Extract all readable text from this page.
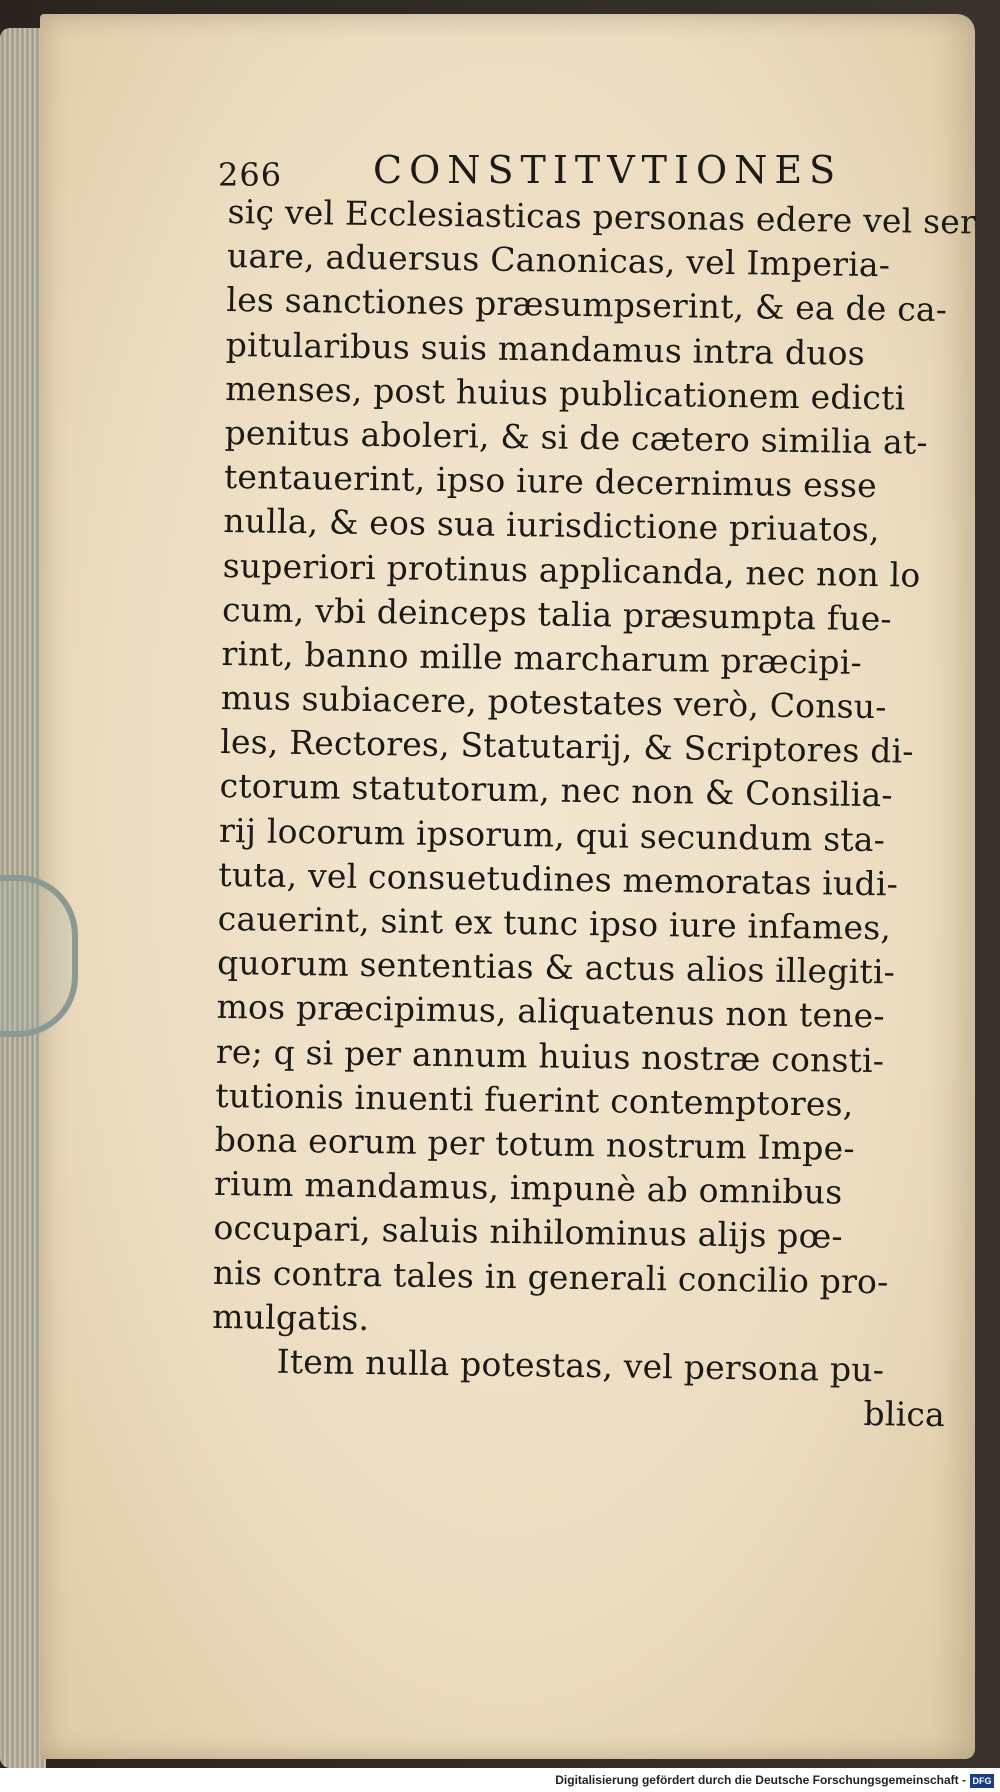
266 CONSTITVTIONES
siç vel Ecclesiasticas personas edere vel ser
uare, aduersus Canonicas, vel Imperia-
les sanctiones præsumpserint, & ea de ca-
pitularibus suis mandamus intra duos
menses, post huius publicationem edicti
penitus aboleri, & si de cætero similia at-
tentauerint, ipso iure decernimus esse
nulla, & eos sua iurisdictione priuatos,
superiori protinus applicanda, nec non lo
cum, vbi deinceps talia præsumpta fue-
rint, banno mille marcharum præcipi-
mus subiacere, potestates verò, Consu-
les, Rectores, Statutarij, & Scriptores di-
ctorum statutorum, nec non & Consilia-
rij locorum ipsorum, qui secundum sta-
tuta, vel consuetudines memoratas iudi-
cauerint, sint ex tunc ipso iure infames,
quorum sententias & actus alios illegiti-
mos præcipimus, aliquatenus non tene-
re; q si per annum huius nostræ consti-
tutionis inuenti fuerint contemptores,
bona eorum per totum nostrum Impe-
rium mandamus, impunè ab omnibus
occupari, saluis nihilominus alijs pœ-
nis contra tales in generali concilio pro-
mulgatis.
Item nulla potestas, vel persona pu-
blica
Digitalisierung gefördert durch die Deutsche Forschungsgemeinschaft - DFG
